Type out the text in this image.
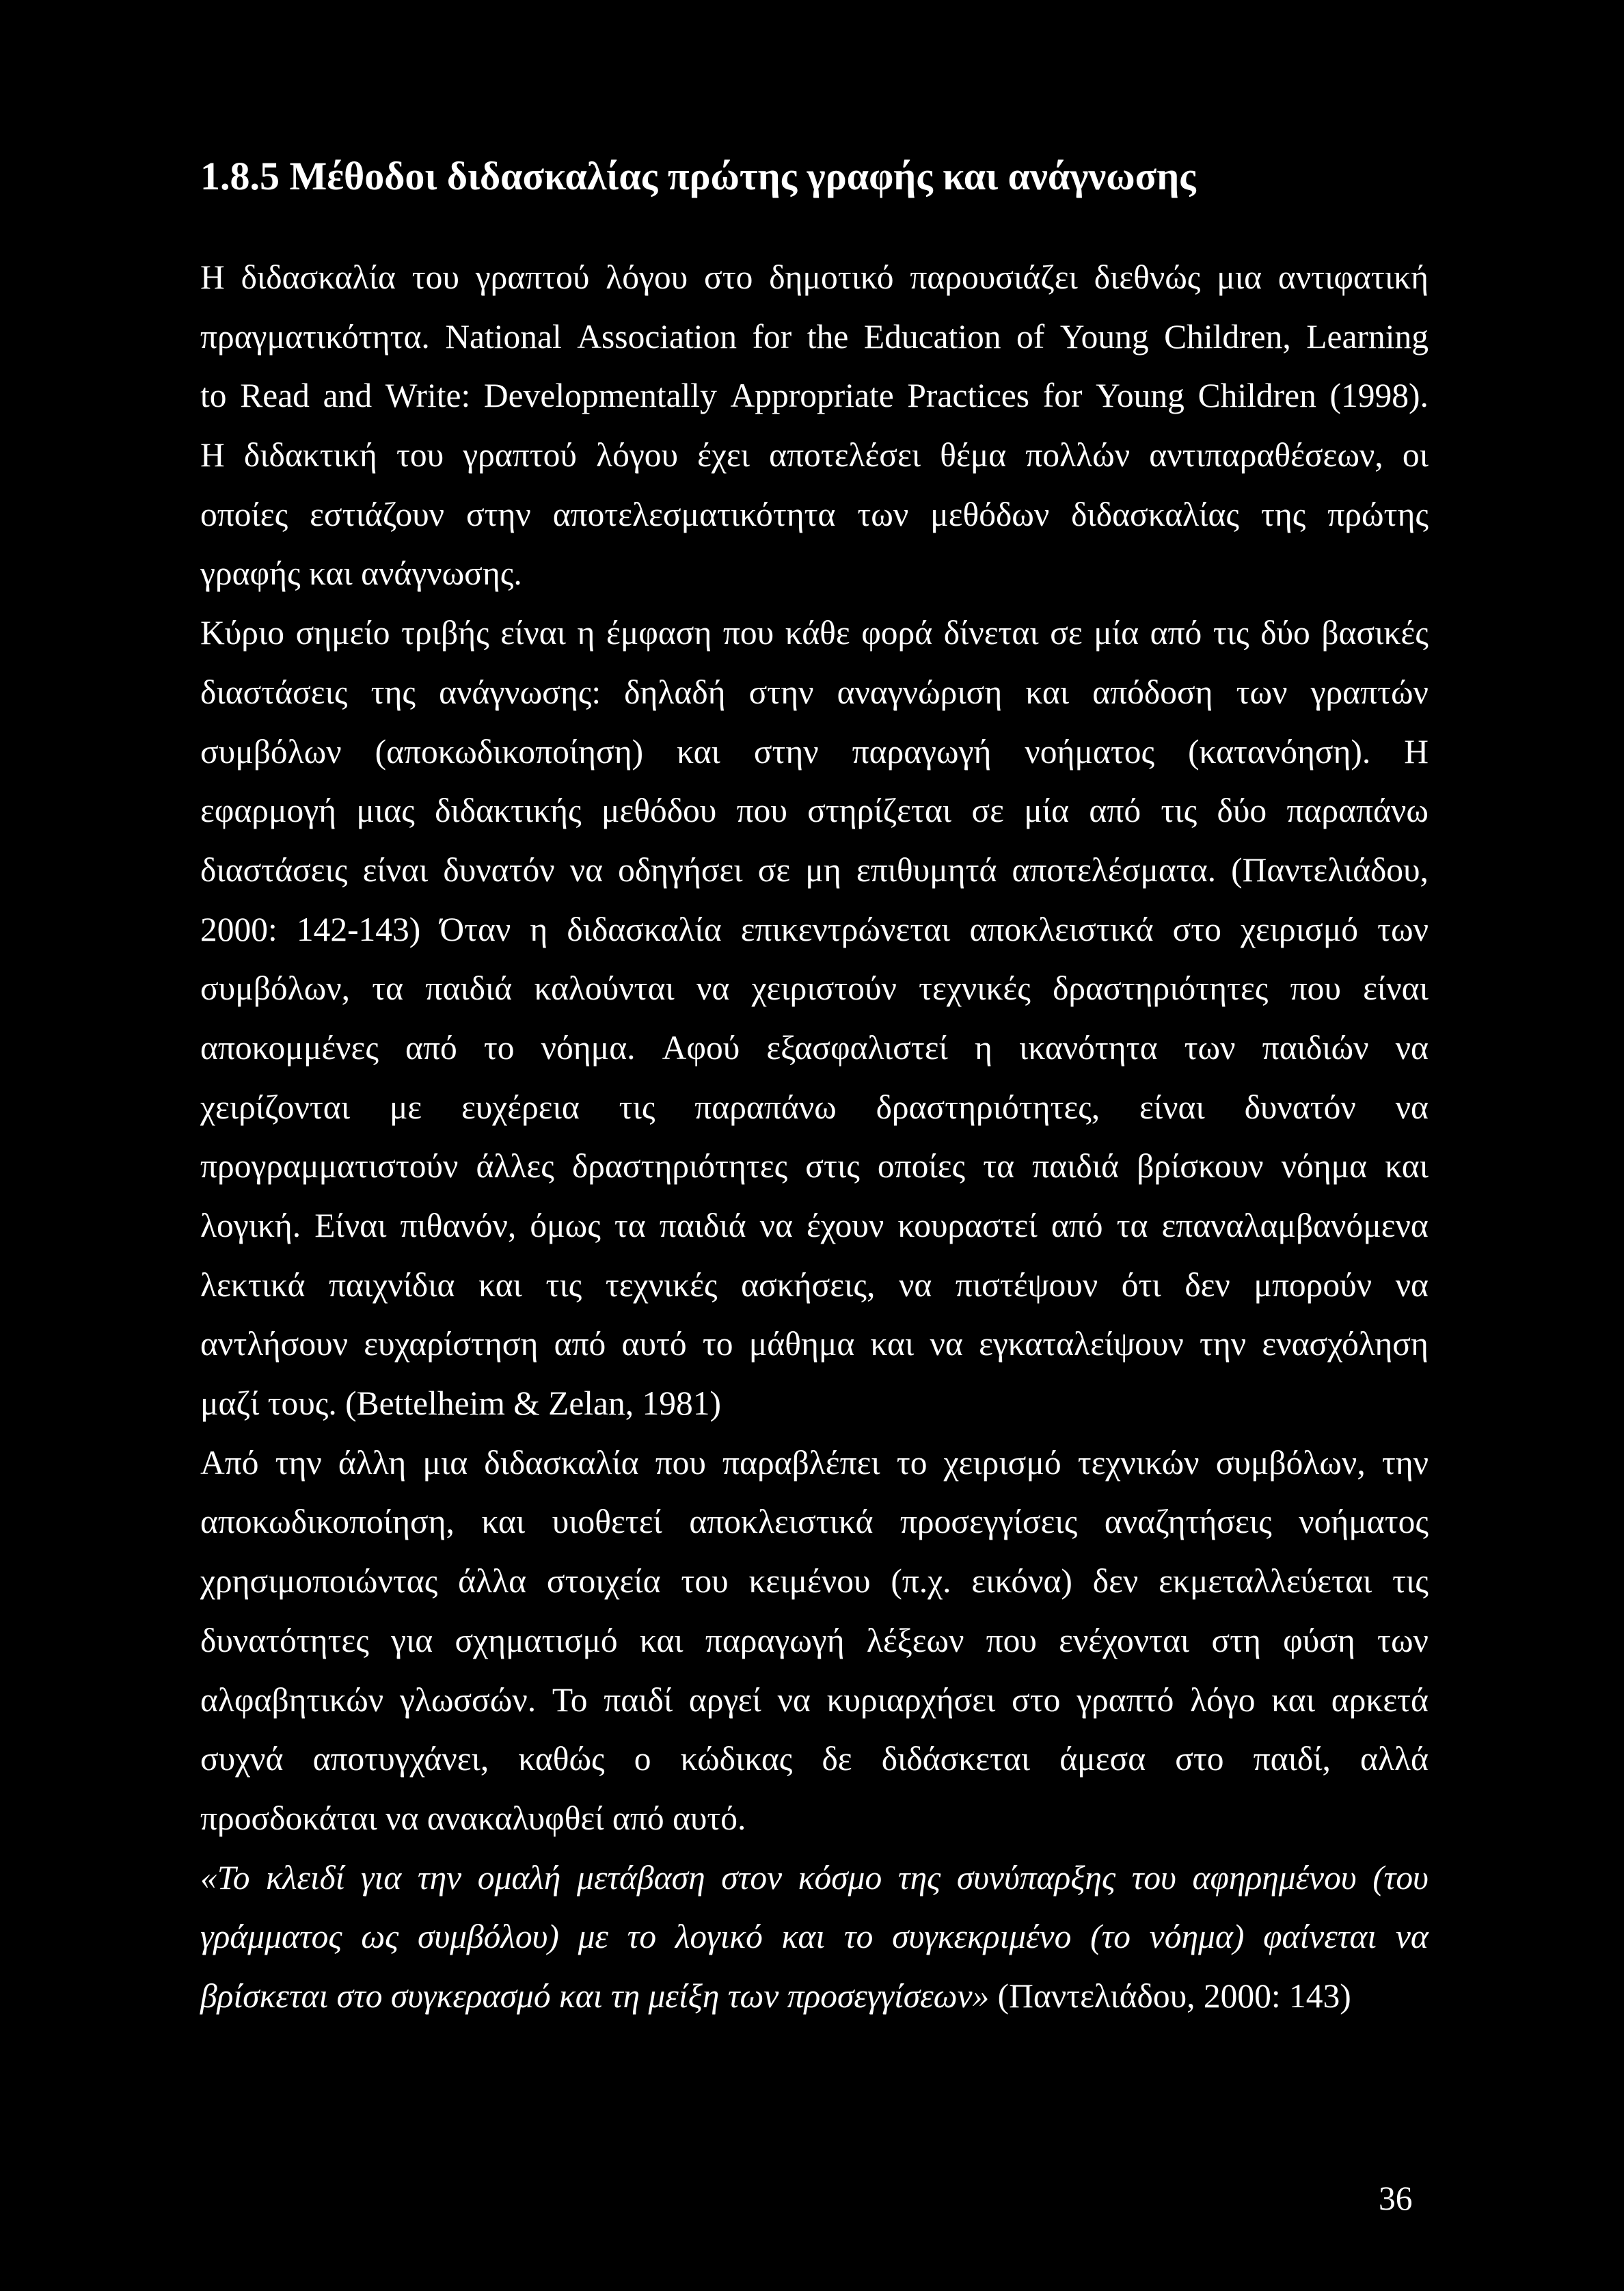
1.8.5 Μέθοδοι διδασκαλίας πρώτης γραφής και ανάγνωσης
Η διδασκαλία του γραπτού λόγου στο δημοτικό παρουσιάζει διεθνώς μια αντιφατική
πραγματικότητα. National Association for the Education of Young Children, Learning
to Read and Write: Developmentally Appropriate Practices for Young Children (1998).
Η διδακτική του γραπτού λόγου έχει αποτελέσει θέμα πολλών αντιπαραθέσεων, οι
οποίες εστιάζουν στην αποτελεσματικότητα των μεθόδων διδασκαλίας της πρώτης
γραφής και ανάγνωσης.
Κύριο σημείο τριβής είναι η έμφαση που κάθε φορά δίνεται σε μία από τις δύο βασικές
διαστάσεις της ανάγνωσης: δηλαδή στην αναγνώριση και απόδοση των γραπτών
συμβόλων (αποκωδικοποίηση) και στην παραγωγή νοήματος (κατανόηση). Η
εφαρμογή μιας διδακτικής μεθόδου που στηρίζεται σε μία από τις δύο παραπάνω
διαστάσεις είναι δυνατόν να οδηγήσει σε μη επιθυμητά αποτελέσματα. (Παντελιάδου,
2000: 142-143) Όταν η διδασκαλία επικεντρώνεται αποκλειστικά στο χειρισμό των
συμβόλων, τα παιδιά καλούνται να χειριστούν τεχνικές δραστηριότητες που είναι
αποκομμένες από το νόημα. Αφού εξασφαλιστεί η ικανότητα των παιδιών να
χειρίζονται με ευχέρεια τις παραπάνω δραστηριότητες, είναι δυνατόν να
προγραμματιστούν άλλες δραστηριότητες στις οποίες τα παιδιά βρίσκουν νόημα και
λογική. Είναι πιθανόν, όμως τα παιδιά να έχουν κουραστεί από τα επαναλαμβανόμενα
λεκτικά παιχνίδια και τις τεχνικές ασκήσεις, να πιστέψουν ότι δεν μπορούν να
αντλήσουν ευχαρίστηση από αυτό το μάθημα και να εγκαταλείψουν την ενασχόληση
μαζί τους. (Bettelheim & Zelan, 1981)
Από την άλλη μια διδασκαλία που παραβλέπει το χειρισμό τεχνικών συμβόλων, την
αποκωδικοποίηση, και υιοθετεί αποκλειστικά προσεγγίσεις αναζητήσεις νοήματος
χρησιμοποιώντας άλλα στοιχεία του κειμένου (π.χ. εικόνα) δεν εκμεταλλεύεται τις
δυνατότητες για σχηματισμό και παραγωγή λέξεων που ενέχονται στη φύση των
αλφαβητικών γλωσσών. Το παιδί αργεί να κυριαρχήσει στο γραπτό λόγο και αρκετά
συχνά αποτυγχάνει, καθώς ο κώδικας δε διδάσκεται άμεσα στο παιδί, αλλά
προσδοκάται να ανακαλυφθεί από αυτό.
«Το κλειδί για την ομαλή μετάβαση στον κόσμο της συνύπαρξης του αφηρημένου (του
γράμματος ως συμβόλου) με το λογικό και το συγκεκριμένο (το νόημα) φαίνεται να
βρίσκεται στο συγκερασμό και τη μείξη των προσεγγίσεων» (Παντελιάδου, 2000: 143)
36
